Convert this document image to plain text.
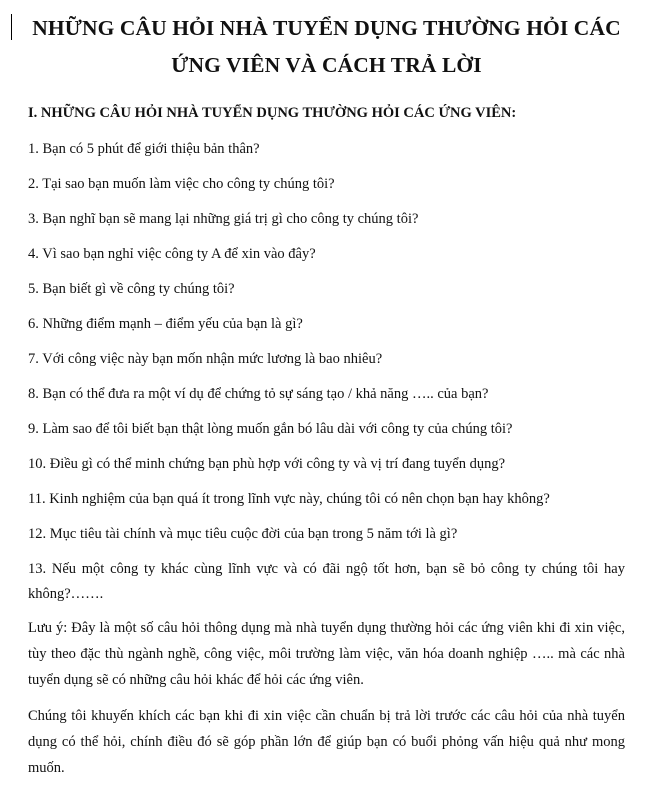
NHỮNG CÂU HỎI NHÀ TUYỂN DỤNG THƯỜNG HỎI CÁC
ỨNG VIÊN VÀ CÁCH TRẢ LỜI
I. NHỮNG CÂU HỎI NHÀ TUYỂN DỤNG THƯỜNG HỎI CÁC ỨNG VIÊN:
1. Bạn có 5 phút để giới thiệu bản thân?
2. Tại sao bạn muốn làm việc cho công ty chúng tôi?
3. Bạn nghĩ bạn sẽ mang lại những giá trị gì cho công ty chúng tôi?
4. Vì sao bạn nghỉ việc công ty A để xin vào đây?
5. Bạn biết gì về công ty chúng tôi?
6. Những điểm mạnh – điểm yếu của bạn là gì?
7. Với công việc này bạn mốn nhận mức lương là bao nhiêu?
8. Bạn có thể đưa ra một ví dụ để chứng tỏ sự sáng tạo / khả năng ….. của bạn?
9. Làm sao để tôi biết bạn thật lòng muốn gắn bó lâu dài với công ty của chúng tôi?
10. Điều gì có thể minh chứng bạn phù hợp với công ty và vị trí đang tuyển dụng?
11. Kinh nghiệm của bạn quá ít trong lĩnh vực này, chúng tôi có nên chọn bạn hay không?
12. Mục tiêu tài chính và mục tiêu cuộc đời của bạn trong 5 năm tới là gì?
13. Nếu một công ty khác cùng lĩnh vực và có đãi ngộ tốt hơn, bạn sẽ bỏ công ty chúng tôi hay không?…….

Lưu ý: Đây là một số câu hỏi thông dụng mà nhà tuyển dụng thường hỏi các ứng viên khi đi xin việc, tùy theo đặc thù ngành nghề, công việc, môi trường làm việc, văn hóa doanh nghiệp ….. mà các nhà tuyển dụng sẽ có những câu hỏi khác để hỏi các ứng viên.

Chúng tôi khuyến khích các bạn khi đi xin việc cần chuẩn bị trả lời trước các câu hỏi của nhà tuyển dụng có thể hỏi, chính điều đó sẽ góp phần lớn để giúp bạn có buổi phỏng vấn hiệu quả như mong muốn.
